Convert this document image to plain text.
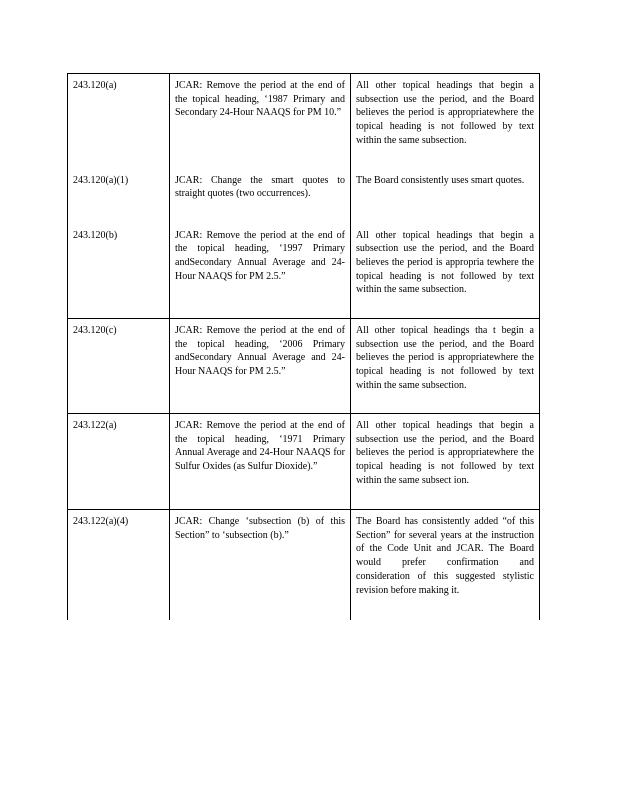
243.120(a)	JCAR: Remove the period at the end of the topical heading, ‘1987 Primary and Secondary 24-Hour NAAQS for PM 10.”	All other topical headings that begin a subsection use the period, and the Board believes the period is appropriatewhere the topical heading is not followed by text within the same subsection.
243.120(a)(1)	JCAR: Change the smart quotes to straight quotes (two occurrences).	The Board consistently uses smart quotes.
243.120(b)	JCAR: Remove the period at the end of the topical heading, ‘1997 Primary andSecondary Annual Average and 24-Hour NAAQS for PM 2.5.”	All other topical headings that begin a subsection use the period, and the Board believes the period is appropria tewhere the topical heading is not followed by text within the same subsection.
243.120(c)	JCAR: Remove the period at the end of the topical heading, ‘2006 Primary andSecondary Annual Average and 24-Hour NAAQS for PM 2.5.”	All other topical headings tha t begin a subsection use the period, and the Board believes the period is appropriatewhere the topical heading is not followed by text within the same subsection.
243.122(a)	JCAR: Remove the period at the end of the topical heading, ‘1971 Primary Annual Average and 24-Hour NAAQS for Sulfur Oxides (as Sulfur Dioxide).”	All other topical headings that begin a subsection use the period, and the Board believes the period is appropriatewhere the topical heading is not followed by text within the same subsect ion.
243.122(a)(4)	JCAR: Change ‘subsection (b) of this Section” to ‘subsection (b).”	The Board has consistently added “of this Section” for several years at the instruction of the Code Unit and JCAR. The Board would prefer confirmation and consideration of this suggested stylistic revision before making it.
